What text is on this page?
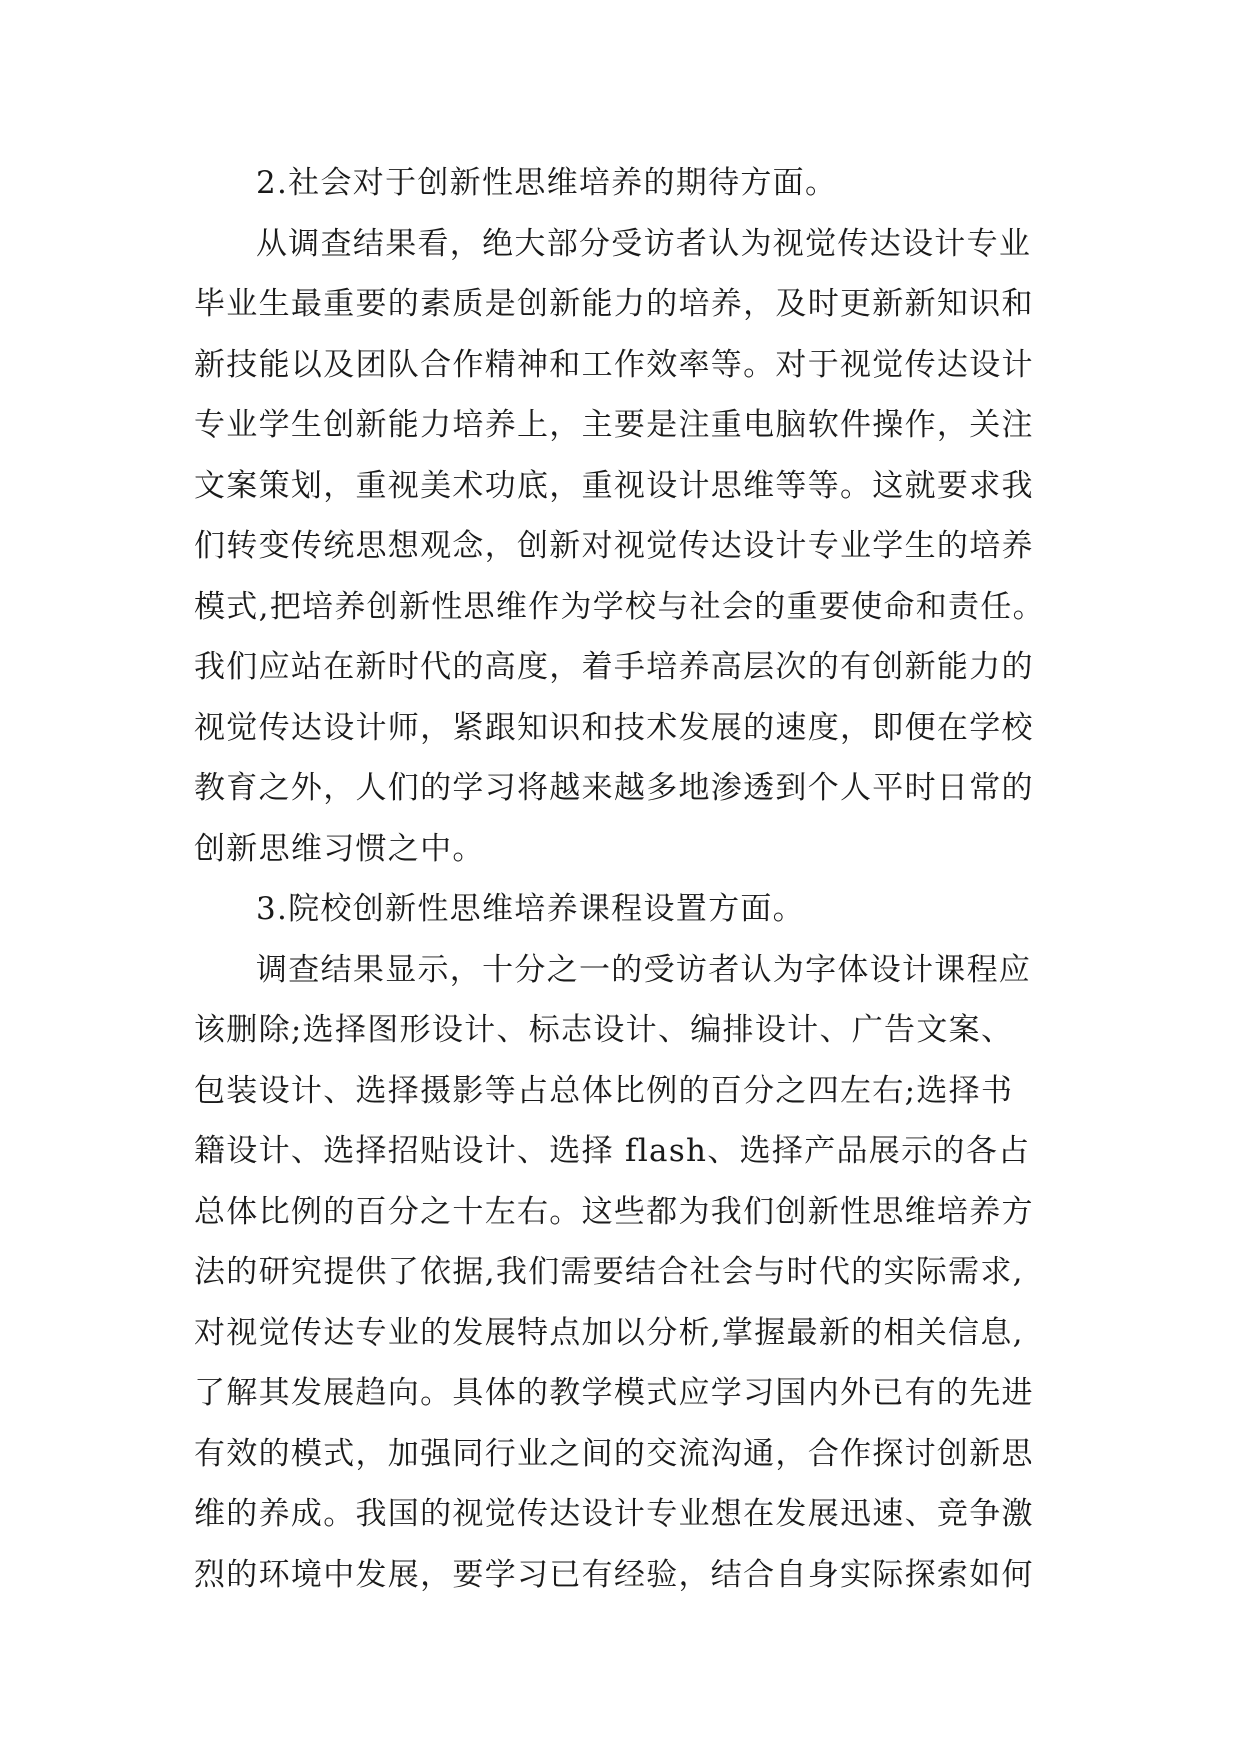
2.社会对于创新性思维培养的期待方面。
从调查结果看，绝大部分受访者认为视觉传达设计专业
毕业生最重要的素质是创新能力的培养，及时更新新知识和
新技能以及团队合作精神和工作效率等。对于视觉传达设计
专业学生创新能力培养上，主要是注重电脑软件操作，关注
文案策划，重视美术功底，重视设计思维等等。这就要求我
们转变传统思想观念，创新对视觉传达设计专业学生的培养
模式,把培养创新性思维作为学校与社会的重要使命和责任。
我们应站在新时代的高度，着手培养高层次的有创新能力的
视觉传达设计师，紧跟知识和技术发展的速度，即便在学校
教育之外，人们的学习将越来越多地渗透到个人平时日常的
创新思维习惯之中。
3.院校创新性思维培养课程设置方面。
调查结果显示，十分之一的受访者认为字体设计课程应
该删除;选择图形设计、标志设计、编排设计、广告文案、
包装设计、选择摄影等占总体比例的百分之四左右;选择书
籍设计、选择招贴设计、选择 flash、选择产品展示的各占
总体比例的百分之十左右。这些都为我们创新性思维培养方
法的研究提供了依据,我们需要结合社会与时代的实际需求,
对视觉传达专业的发展特点加以分析,掌握最新的相关信息,
了解其发展趋向。具体的教学模式应学习国内外已有的先进
有效的模式，加强同行业之间的交流沟通，合作探讨创新思
维的养成。我国的视觉传达设计专业想在发展迅速、竞争激
烈的环境中发展，要学习已有经验，结合自身实际探索如何
